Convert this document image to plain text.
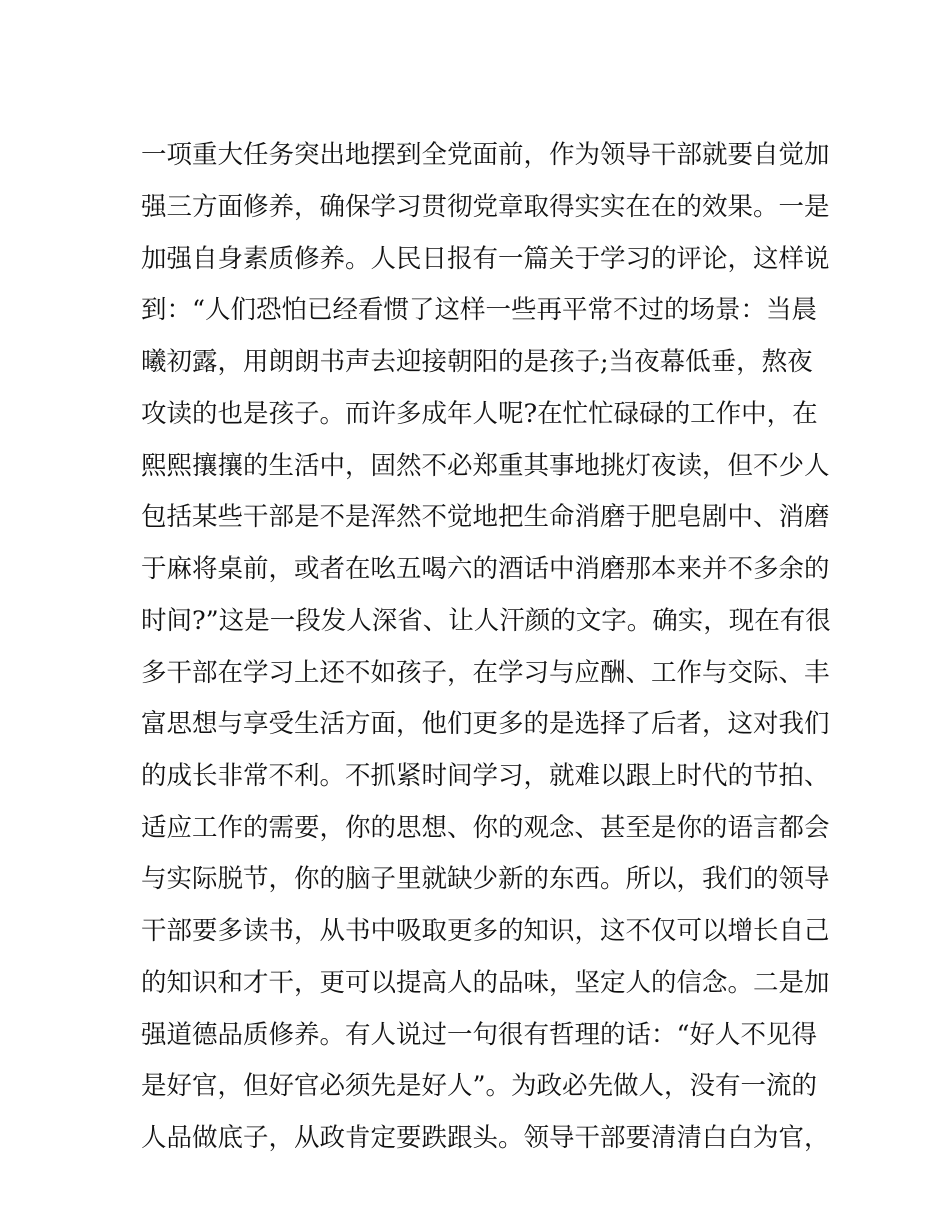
一项重大任务突出地摆到全党面前，作为领导干部就要自觉加
强三方面修养，确保学习贯彻党章取得实实在在的效果。一是
加强自身素质修养。人民日报有一篇关于学习的评论，这样说
到：“人们恐怕已经看惯了这样一些再平常不过的场景：当晨
曦初露，用朗朗书声去迎接朝阳的是孩子;当夜幕低垂，熬夜
攻读的也是孩子。而许多成年人呢?在忙忙碌碌的工作中，在
熙熙攘攘的生活中，固然不必郑重其事地挑灯夜读，但不少人
包括某些干部是不是浑然不觉地把生命消磨于肥皂剧中、消磨
于麻将桌前，或者在吆五喝六的酒话中消磨那本来并不多余的
时间?”这是一段发人深省、让人汗颜的文字。确实，现在有很
多干部在学习上还不如孩子，在学习与应酬、工作与交际、丰
富思想与享受生活方面，他们更多的是选择了后者，这对我们
的成长非常不利。不抓紧时间学习，就难以跟上时代的节拍、
适应工作的需要，你的思想、你的观念、甚至是你的语言都会
与实际脱节，你的脑子里就缺少新的东西。所以，我们的领导
干部要多读书，从书中吸取更多的知识，这不仅可以增长自己
的知识和才干，更可以提高人的品味，坚定人的信念。二是加
强道德品质修养。有人说过一句很有哲理的话：“好人不见得
是好官，但好官必须先是好人”。为政必先做人，没有一流的
人品做底子，从政肯定要跌跟头。领导干部要清清白白为官，
